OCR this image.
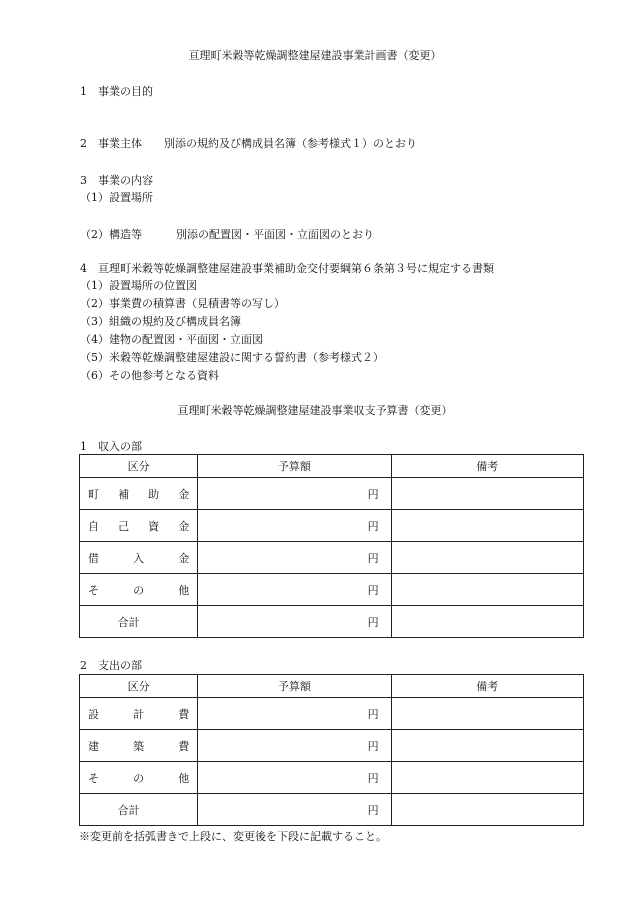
亘理町米穀等乾燥調整建屋建設事業計画書（変更）
1　事業の目的
2　事業主体 別添の規約及び構成員名簿（参考様式１）のとおり
3　事業の内容
（1）設置場所
（2）構造等	別添の配置図・平面図・立面図のとおり
4　亘理町米穀等乾燥調整建屋建設事業補助金交付要綱第６条第３号に規定する書類
（1）設置場所の位置図
（2）事業費の積算書（見積書等の写し）
（3）組織の規約及び構成員名簿
（4）建物の配置図・平面図・立面図
（5）米穀等乾燥調整建屋建設に関する誓約書（参考様式２）
（6）その他参考となる資料
亘理町米穀等乾燥調整建屋建設事業収支予算書（変更）
1　収入の部
区分	予算額	備考

町 補 助 金	円	

自 己 資 金	円	

借 入 金	円	

そ の 他	円	

合計	円	
2　支出の部
区分	予算額	備考

設 計 費	円	

建 築 費	円	

そ の 他	円	

合計	円	
※変更前を括弧書きで上段に、変更後を下段に記載すること。
